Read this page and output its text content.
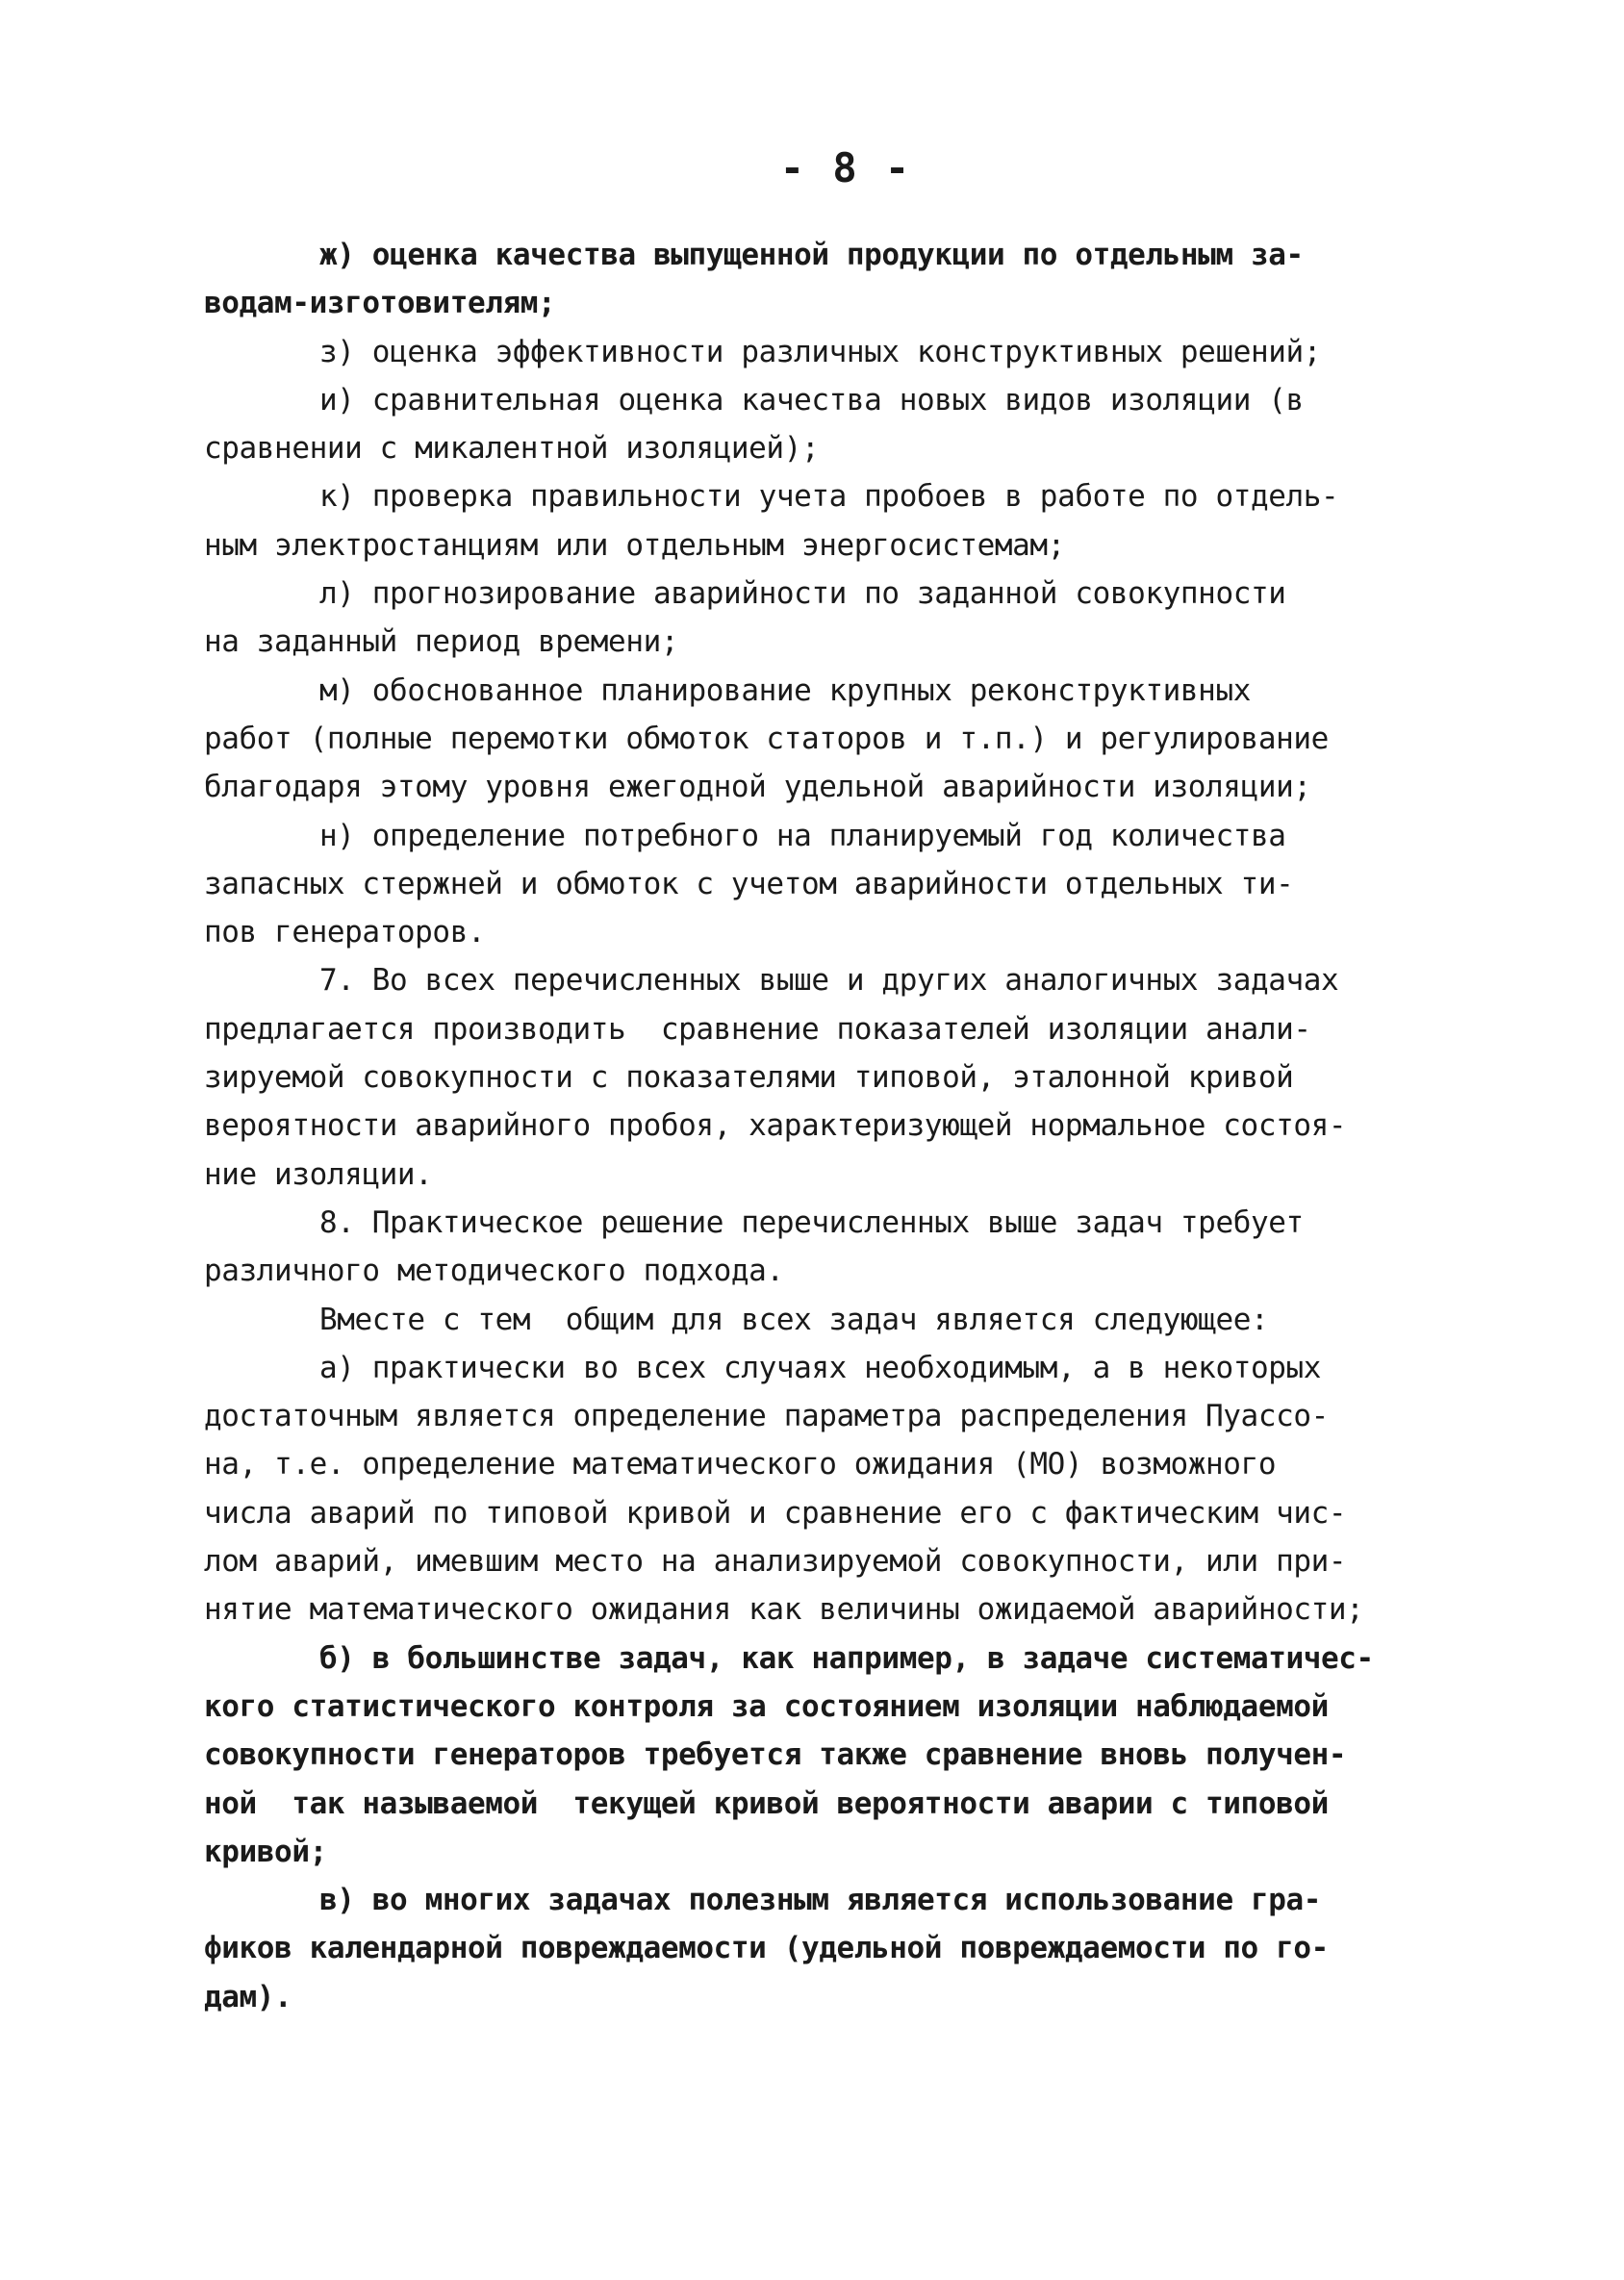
- 8 -
ж) оценка качества выпущенной продукции по отдельным за-
водам-изготовителям;
з) оценка эффективности различных конструктивных решений;
и) сравнительная оценка качества новых видов изоляции (в
сравнении с микалентной изоляцией);
к) проверка правильности учета пробоев в работе по отдель-
ным электростанциям или отдельным энергосистемам;
л) прогнозирование аварийности по заданной совокупности
на заданный период времени;
м) обоснованное планирование крупных реконструктивных
работ (полные перемотки обмоток статоров и т.п.) и регулирование
благодаря этому уровня ежегодной удельной аварийности изоляции;
н) определение потребного на планируемый год количества
запасных стержней и обмоток с учетом аварийности отдельных ти-
пов генераторов.
7. Во всех перечисленных выше и других аналогичных задачах
предлагается производить  сравнение показателей изоляции анали-
зируемой совокупности с показателями типовой, эталонной кривой
вероятности аварийного пробоя, характеризующей нормальное состоя-
ние изоляции.
8. Практическое решение перечисленных выше задач требует
различного методического подхода.
Вместе с тем  общим для всех задач является следующее:
а) практически во всех случаях необходимым, а в некоторых
достаточным является определение параметра распределения Пуассо-
на, т.е. определение математического ожидания (МО) возможного
числа аварий по типовой кривой и сравнение его с фактическим чис-
лом аварий, имевшим место на анализируемой совокупности, или при-
нятие математического ожидания как величины ожидаемой аварийности;
б) в большинстве задач, как например, в задаче систематичес-
кого статистического контроля за состоянием изоляции наблюдаемой
совокупности генераторов требуется также сравнение вновь получен-
ной  так называемой  текущей кривой вероятности аварии с типовой
кривой;
в) во многих задачах полезным является использование гра-
фиков календарной повреждаемости (удельной повреждаемости по го-
дам).
